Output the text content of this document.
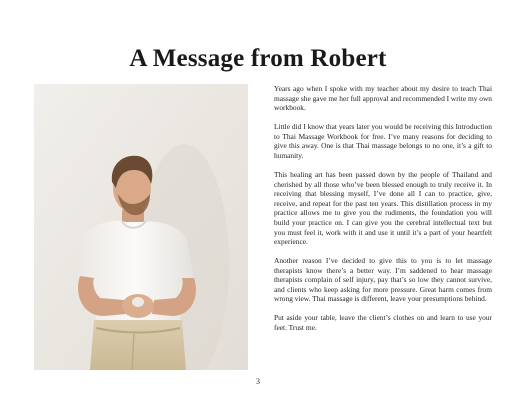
A Message from Robert

Years ago when I spoke with my teacher about my desire to teach Thai massage she gave me her full approval and recommended I write my own workbook.

Little did I know that years later you would be receiving this Introduction to Thai Massage Workbook for free. I’ve many reasons for deciding to give this away. One is that Thai massage belongs to no one, it’s a gift to humanity.

This healing art has been passed down by the people of Thailand and cherished by all those who’ve been blessed enough to truly receive it. In receiving that blessing myself, I’ve done all I can to practice, give, receive, and repeat for the past ten years. This distillation process in my practice allows me to give you the rudiments, the foundation you will build your practice on. I can give you the cerebral intellectual text but you must feel it, work with it and use it until it’s a part of your heartfelt experience.

Another reason I’ve decided to give this to you is to let massage therapists know there’s a better way. I’m saddened to hear massage therapists complain of self injury, pay that’s so low they cannot survive, and clients who keep asking for more pressure. Great harm comes from wrong view. Thai massage is different, leave your presumptions behind.

Put aside your table, leave the client’s clothes on and learn to use your feet. Trust me.

3
